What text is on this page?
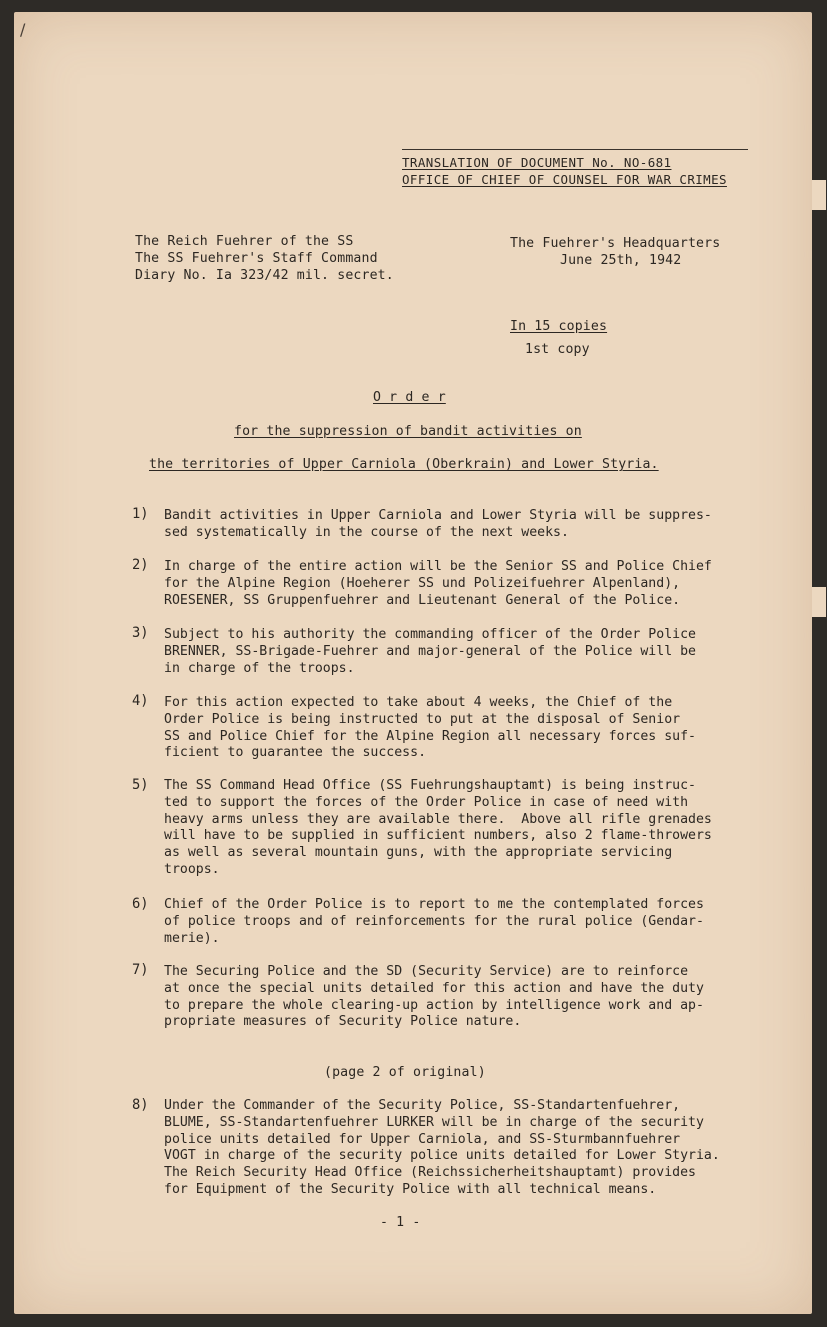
/
TRANSLATION OF DOCUMENT No. NO-681
OFFICE OF CHIEF OF COUNSEL FOR WAR CRIMES
The Reich Fuehrer of the SS
The SS Fuehrer's Staff Command
Diary No. Ia 323/42 mil. secret.
The Fuehrer's Headquarters
June 25th, 1942
In 15 copies
1st copy
O r d e r
for the suppression of bandit activities on
the territories of Upper Carniola (Oberkrain) and Lower Styria.
1) Bandit activities in Upper Carniola and Lower Styria will be suppres-
sed systematically in the course of the next weeks.
2) In charge of the entire action will be the Senior SS and Police Chief
for the Alpine Region (Hoeherer SS und Polizeifuehrer Alpenland),
ROESENER, SS Gruppenfuehrer and Lieutenant General of the Police.
3) Subject to his authority the commanding officer of the Order Police
BRENNER, SS-Brigade-Fuehrer and major-general of the Police will be
in charge of the troops.
4) For this action expected to take about 4 weeks, the Chief of the
Order Police is being instructed to put at the disposal of Senior
SS and Police Chief for the Alpine Region all necessary forces suf-
ficient to guarantee the success.
5) The SS Command Head Office (SS Fuehrungshauptamt) is being instruc-
ted to support the forces of the Order Police in case of need with
heavy arms unless they are available there.  Above all rifle grenades
will have to be supplied in sufficient numbers, also 2 flame-throwers
as well as several mountain guns, with the appropriate servicing
troops.
6) Chief of the Order Police is to report to me the contemplated forces
of police troops and of reinforcements for the rural police (Gendar-
merie).
7) The Securing Police and the SD (Security Service) are to reinforce
at once the special units detailed for this action and have the duty
to prepare the whole clearing-up action by intelligence work and ap-
propriate measures of Security Police nature.
(page 2 of original)
8) Under the Commander of the Security Police, SS-Standartenfuehrer,
BLUME, SS-Standartenfuehrer LURKER will be in charge of the security
police units detailed for Upper Carniola, and SS-Sturmbannfuehrer
VOGT in charge of the security police units detailed for Lower Styria.
The Reich Security Head Office (Reichssicherheitshauptamt) provides
for Equipment of the Security Police with all technical means.
- 1 -
